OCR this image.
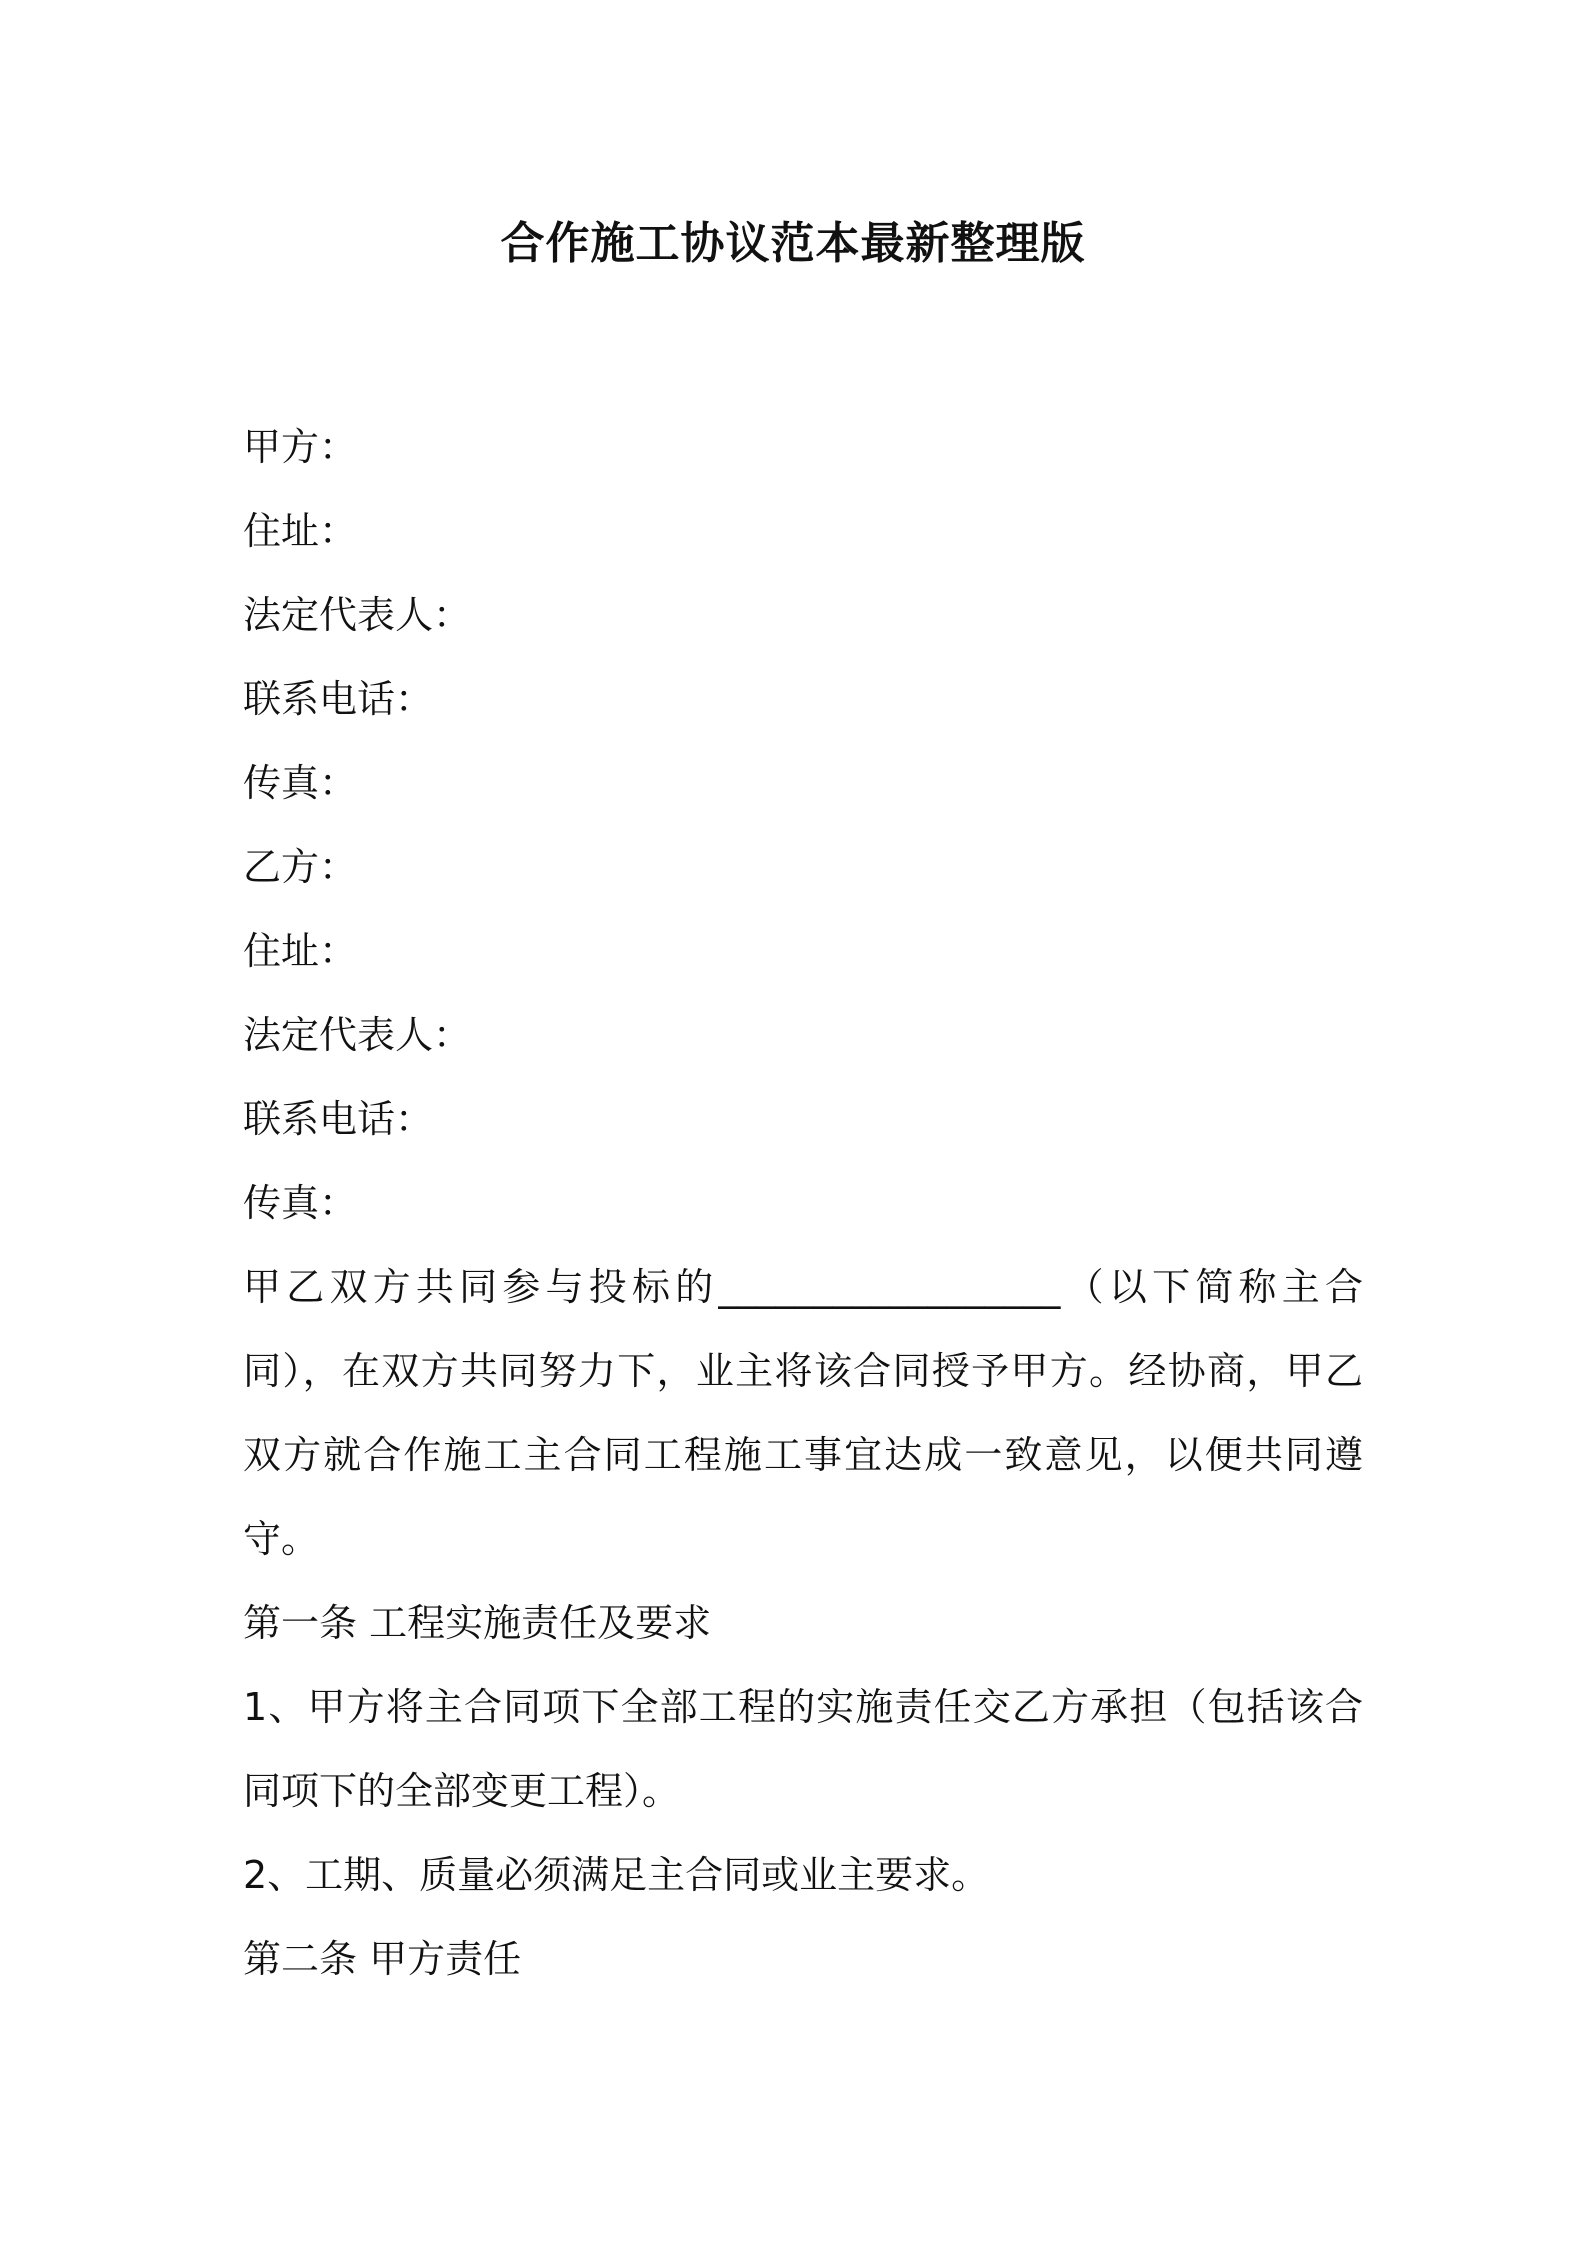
合作施工协议范本最新整理版
甲方：
住址：
法定代表人：
联系电话：
传真：
乙方：
住址：
法定代表人：
联系电话：
传真：

甲乙双方共同参与投标的__________________（以下简称主合同），在双方共同努力下，业主将该合同授予甲方。经协商，甲乙双方就合作施工主合同工程施工事宜达成一致意见，以便共同遵守。

第一条 工程实施责任及要求

1、甲方将主合同项下全部工程的实施责任交乙方承担（包括该合同项下的全部变更工程）。

2、工期、质量必须满足主合同或业主要求。
第二条 甲方责任
